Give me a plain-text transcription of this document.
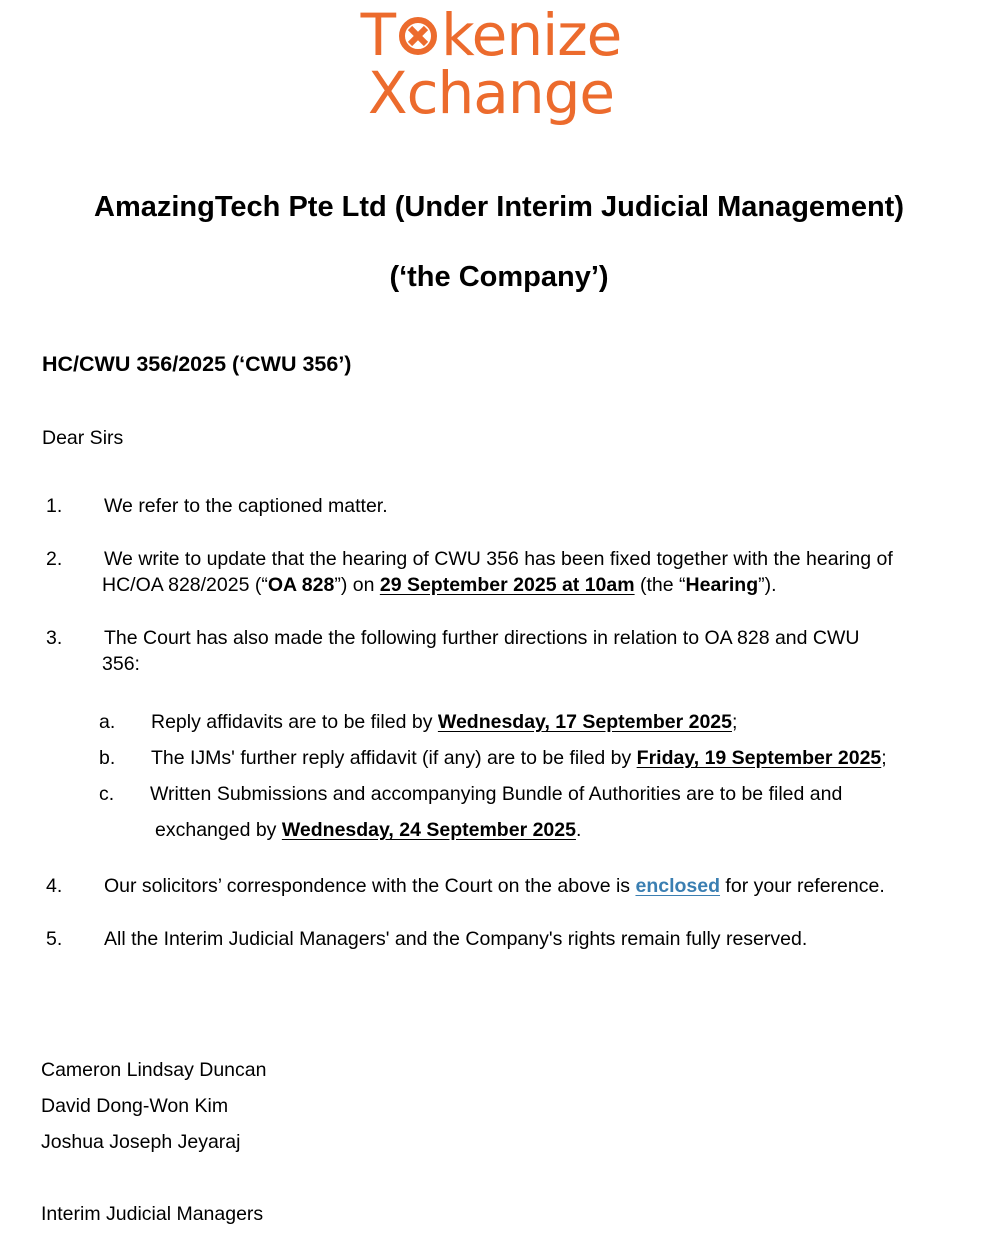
T kenize
Xchange
AmazingTech Pte Ltd (Under Interim Judicial Management)
(‘the Company’)
HC/CWU 356/2025 (‘CWU 356’)
Dear Sirs
1. We refer to the captioned matter.
2. We write to update that the hearing of CWU 356 has been fixed together with the hearing of
HC/OA 828/2025 (“OA 828”) on 29 September 2025 at 10am (the “Hearing”).
3. The Court has also made the following further directions in relation to OA 828 and CWU
356:
a. Reply affidavits are to be filed by Wednesday, 17 September 2025;
b. The IJMs' further reply affidavit (if any) are to be filed by Friday, 19 September 2025;
c. Written Submissions and accompanying Bundle of Authorities are to be filed and
exchanged by Wednesday, 24 September 2025.
4. Our solicitors’ correspondence with the Court on the above is enclosed for your reference.
5. All the Interim Judicial Managers' and the Company's rights remain fully reserved.
Cameron Lindsay Duncan
David Dong-Won Kim
Joshua Joseph Jeyaraj
Interim Judicial Managers
